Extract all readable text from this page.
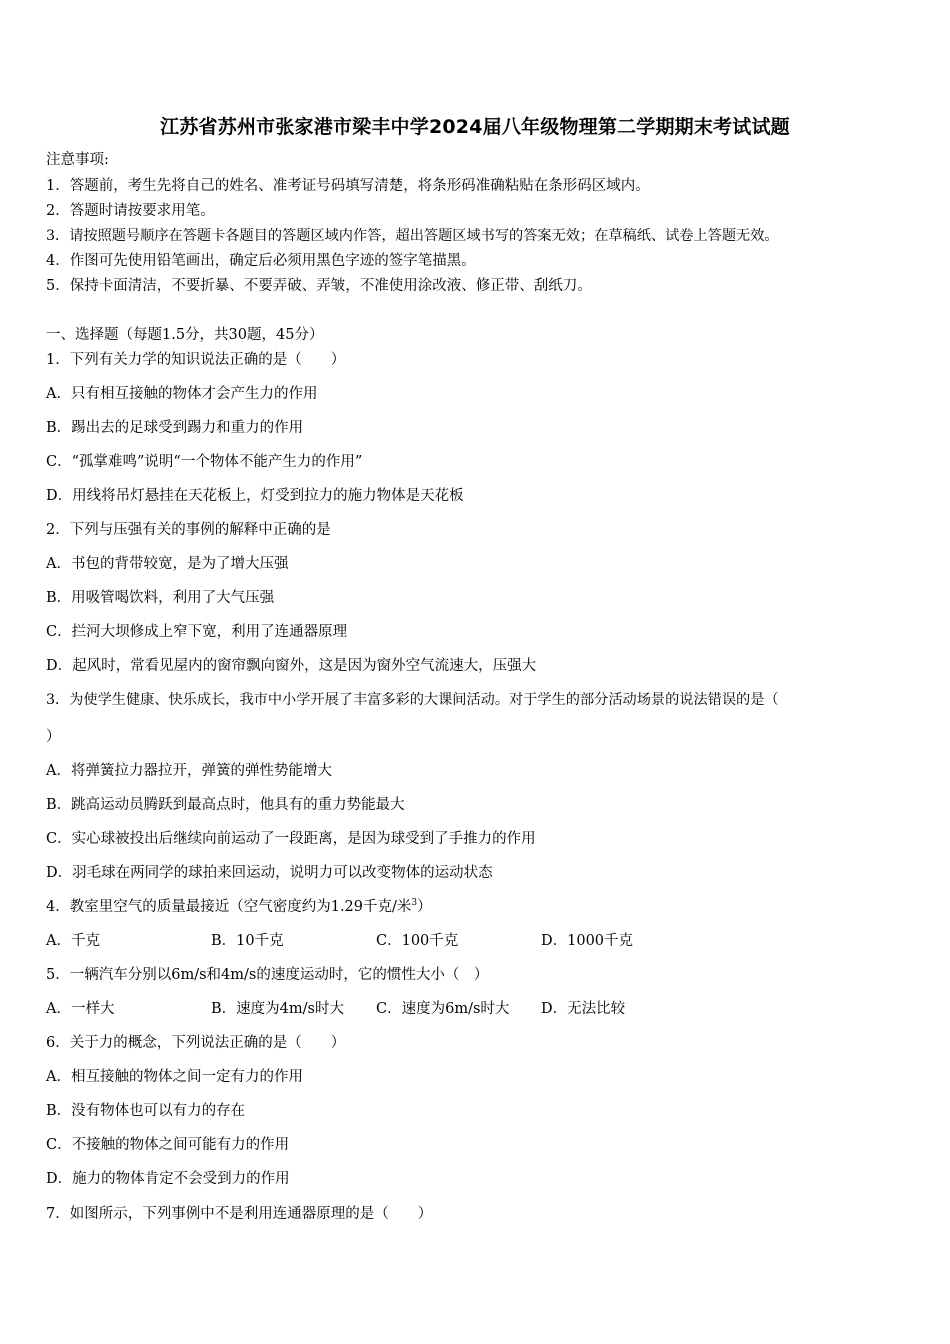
江苏省苏州市张家港市梁丰中学2024届八年级物理第二学期期末考试试题
注意事项:
1．答题前，考生先将自己的姓名、准考证号码填写清楚，将条形码准确粘贴在条形码区域内。
2．答题时请按要求用笔。
3．请按照题号顺序在答题卡各题目的答题区域内作答，超出答题区域书写的答案无效；在草稿纸、试卷上答题无效。
4．作图可先使用铅笔画出，确定后必须用黑色字迹的签字笔描黑。
5．保持卡面清洁，不要折暴、不要弄破、弄皱，不准使用涂改液、修正带、刮纸刀。
一、选择题（每题1.5分，共30题，45分）
1．下列有关力学的知识说法正确的是（　　）
A．只有相互接触的物体才会产生力的作用
B．踢出去的足球受到踢力和重力的作用
C．“孤掌难鸣”说明“一个物体不能产生力的作用”
D．用线将吊灯悬挂在天花板上，灯受到拉力的施力物体是天花板
2．下列与压强有关的事例的解释中正确的是
A．书包的背带较宽，是为了增大压强
B．用吸管喝饮料，利用了大气压强
C．拦河大坝修成上窄下宽，利用了连通器原理
D．起风时，常看见屋内的窗帘飘向窗外，这是因为窗外空气流速大，压强大
3．为使学生健康、快乐成长，我市中小学开展了丰富多彩的大课间活动。对于学生的部分活动场景的说法错误的是（
）
A．将弹簧拉力器拉开，弹簧的弹性势能增大
B．跳高运动员腾跃到最高点时，他具有的重力势能最大
C．实心球被投出后继续向前运动了一段距离，是因为球受到了手推力的作用
D．羽毛球在两同学的球拍来回运动，说明力可以改变物体的运动状态
4．教室里空气的质量最接近（空气密度约为1.29千克/米$^3$）
A．千克	B．10千克	C．100千克	D．1000千克
5．一辆汽车分别以6m/s和4m/s的速度运动时，它的惯性大小（　）
A．一样大	B．速度为4m/s时大 C．速度为6m/s时大 D．无法比较
6．关于力的概念，下列说法正确的是（　　）
A．相互接触的物体之间一定有力的作用
B．没有物体也可以有力的存在
C．不接触的物体之间可能有力的作用
D．施力的物体肯定不会受到力的作用
7．如图所示，下列事例中不是利用连通器原理的是（　　）
